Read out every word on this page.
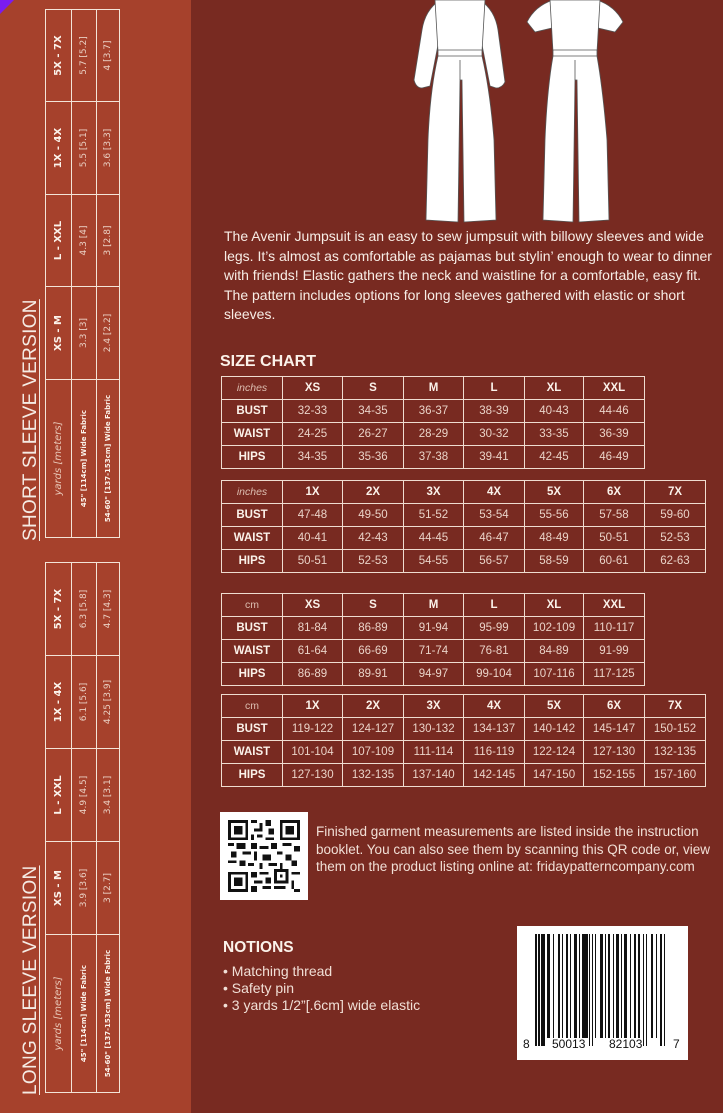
yards [meters]	XS - M	L - XXL	1X - 4X	5X - 7X
45" [114cm] Wide Fabric	3.3 [3]	4.3 [4]	5.5 [5.1]	5.7 [5.2]
54-60" [137-153cm] Wide Fabric	2.4 [2.2]	3 [2.8]	3.6 [3.3]	4 [3.7]
SHORT SLEEVE VERSION
yards [meters]	XS - M	L - XXL	1X - 4X	5X - 7X
45" [114cm] Wide Fabric	3.9 [3.6]	4.9 [4.5]	6.1 [5.6]	6.3 [5.8]
54-60" [137-153cm] Wide Fabric	3 [2.7]	3.4 [3.1]	4.25 [3.9]	4.7 [4.3]
LONG SLEEVE VERSION

The Avenir Jumpsuit is an easy to sew jumpsuit with billowy sleeves and wide legs. It’s almost as comfortable as pajamas but stylin’ enough to wear to dinner with friends! Elastic gathers the neck and waistline for a comfortable, easy fit. The pattern includes options for long sleeves gathered with elastic or short sleeves.

SIZE CHART
inches	XS	S	M	L	XL	XXL
BUST	32-33	34-35	36-37	38-39	40-43	44-46
WAIST	24-25	26-27	28-29	30-32	33-35	36-39
HIPS	34-35	35-36	37-38	39-41	42-45	46-49
inches	1X	2X	3X	4X	5X	6X	7X
BUST	47-48	49-50	51-52	53-54	55-56	57-58	59-60
WAIST	40-41	42-43	44-45	46-47	48-49	50-51	52-53
HIPS	50-51	52-53	54-55	56-57	58-59	60-61	62-63
cm	XS	S	M	L	XL	XXL
BUST	81-84	86-89	91-94	95-99	102-109	110-117
WAIST	61-64	66-69	71-74	76-81	84-89	91-99
HIPS	86-89	89-91	94-97	99-104	107-116	117-125
cm	1X	2X	3X	4X	5X	6X	7X
BUST	119-122	124-127	130-132	134-137	140-142	145-147	150-152
WAIST	101-104	107-109	111-114	116-119	122-124	127-130	132-135
HIPS	127-130	132-135	137-140	142-145	147-150	152-155	157-160

Finished garment measurements are listed inside the instruction booklet. You can also see them by scanning this QR code or, view them on the product listing online at: fridaypatterncompany.com

NOTIONS
• Matching thread
• Safety pin
• 3 yards 1/2”[.6cm] wide elastic
8 50013 82103	7
